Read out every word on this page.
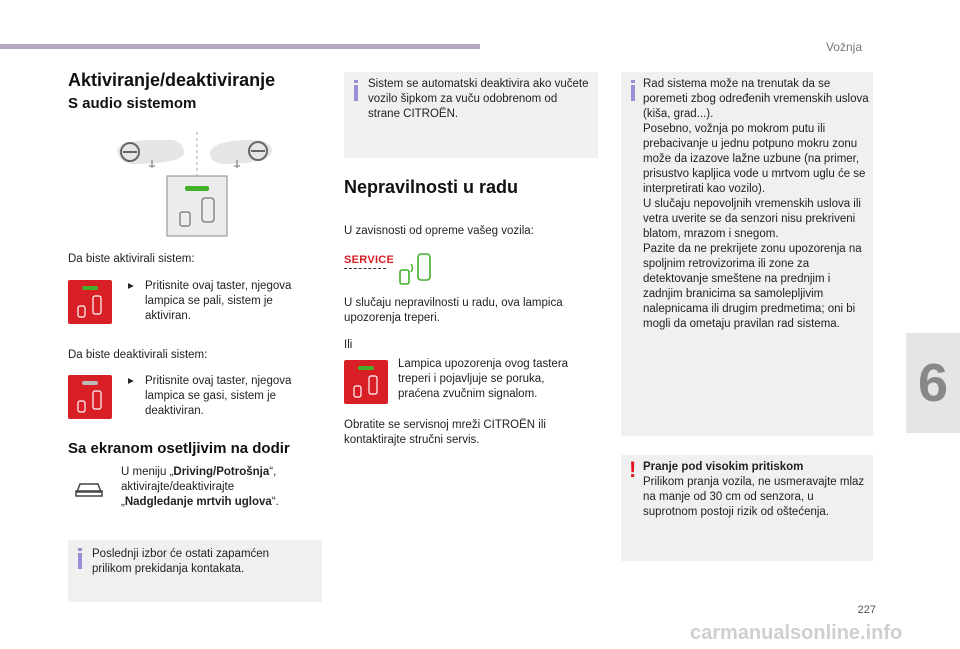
Vožnja
6
227
Aktiviranje/deaktiviranje
S audio sistemom
Da biste aktivirali sistem:
▸ Pritisnite ovaj taster, njegova lampica se pali, sistem je aktiviran.
Da biste deaktivirali sistem:
▸ Pritisnite ovaj taster, njegova lampica se gasi, sistem je deaktiviran.
Sa ekranom osetljivim na dodir
U meniju „Driving/Potrošnja“, aktivirajte/deaktivirajte „Nadgledanje mrtvih uglova“.
Poslednji izbor će ostati zapamćen prilikom prekidanja kontakata.
Sistem se automatski deaktivira ako vučete vozilo šipkom za vuču odobrenom od strane CITROËN.
Nepravilnosti u radu
U zavisnosti od opreme vašeg vozila:
SERVICE
U slučaju nepravilnosti u radu, ova lampica upozorenja treperi.
Ili
Lampica upozorenja ovog tastera treperi i pojavljuje se poruka, praćena zvučnim signalom.
Obratite se servisnoj mreži CITROËN ili kontaktirajte stručni servis.
Rad sistema može na trenutak da se poremeti zbog određenih vremenskih uslova (kiša, grad...).
Posebno, vožnja po mokrom putu ili prebacivanje u jednu potpuno mokru zonu može da izazove lažne uzbune (na primer, prisustvo kapljica vode u mrtvom uglu će se interpretirati kao vozilo).
U slučaju nepovoljnih vremenskih uslova ili vetra uverite se da senzori nisu prekriveni blatom, mrazom i snegom.
Pazite da ne prekrijete zonu upozorenja na spoljnim retrovizorima ili zone za detektovanje smeštene na prednjim i zadnjim branicima sa samolepljivim nalepnicama ili drugim predmetima; oni bi mogli da ometaju pravilan rad sistema.
! Pranje pod visokim pritiskom
Prilikom pranja vozila, ne usmeravajte mlaz na manje od 30 cm od senzora, u suprotnom postoji rizik od oštećenja.
carmanualsonline.info
